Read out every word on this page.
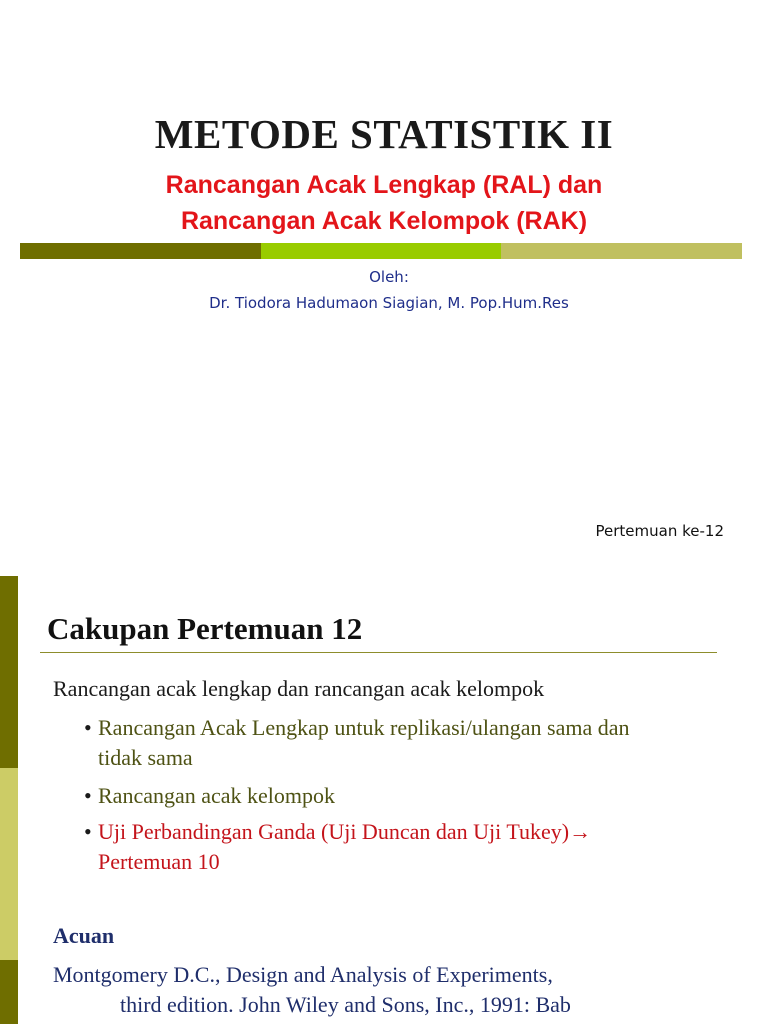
METODE STATISTIK II
Rancangan Acak Lengkap (RAL) dan
Rancangan Acak Kelompok (RAK)
Oleh:
Dr. Tiodora Hadumaon Siagian, M. Pop.Hum.Res
Pertemuan ke-12
Cakupan Pertemuan 12
Rancangan acak lengkap dan rancangan acak kelompok
• Rancangan Acak Lengkap untuk replikasi/ulangan sama dan tidak sama
• Rancangan acak kelompok
• Uji Perbandingan Ganda (Uji Duncan dan Uji Tukey)→ Pertemuan 10
Acuan
Montgomery D.C., Design and Analysis of Experiments,
third edition. John Wiley and Sons, Inc., 1991: Bab
